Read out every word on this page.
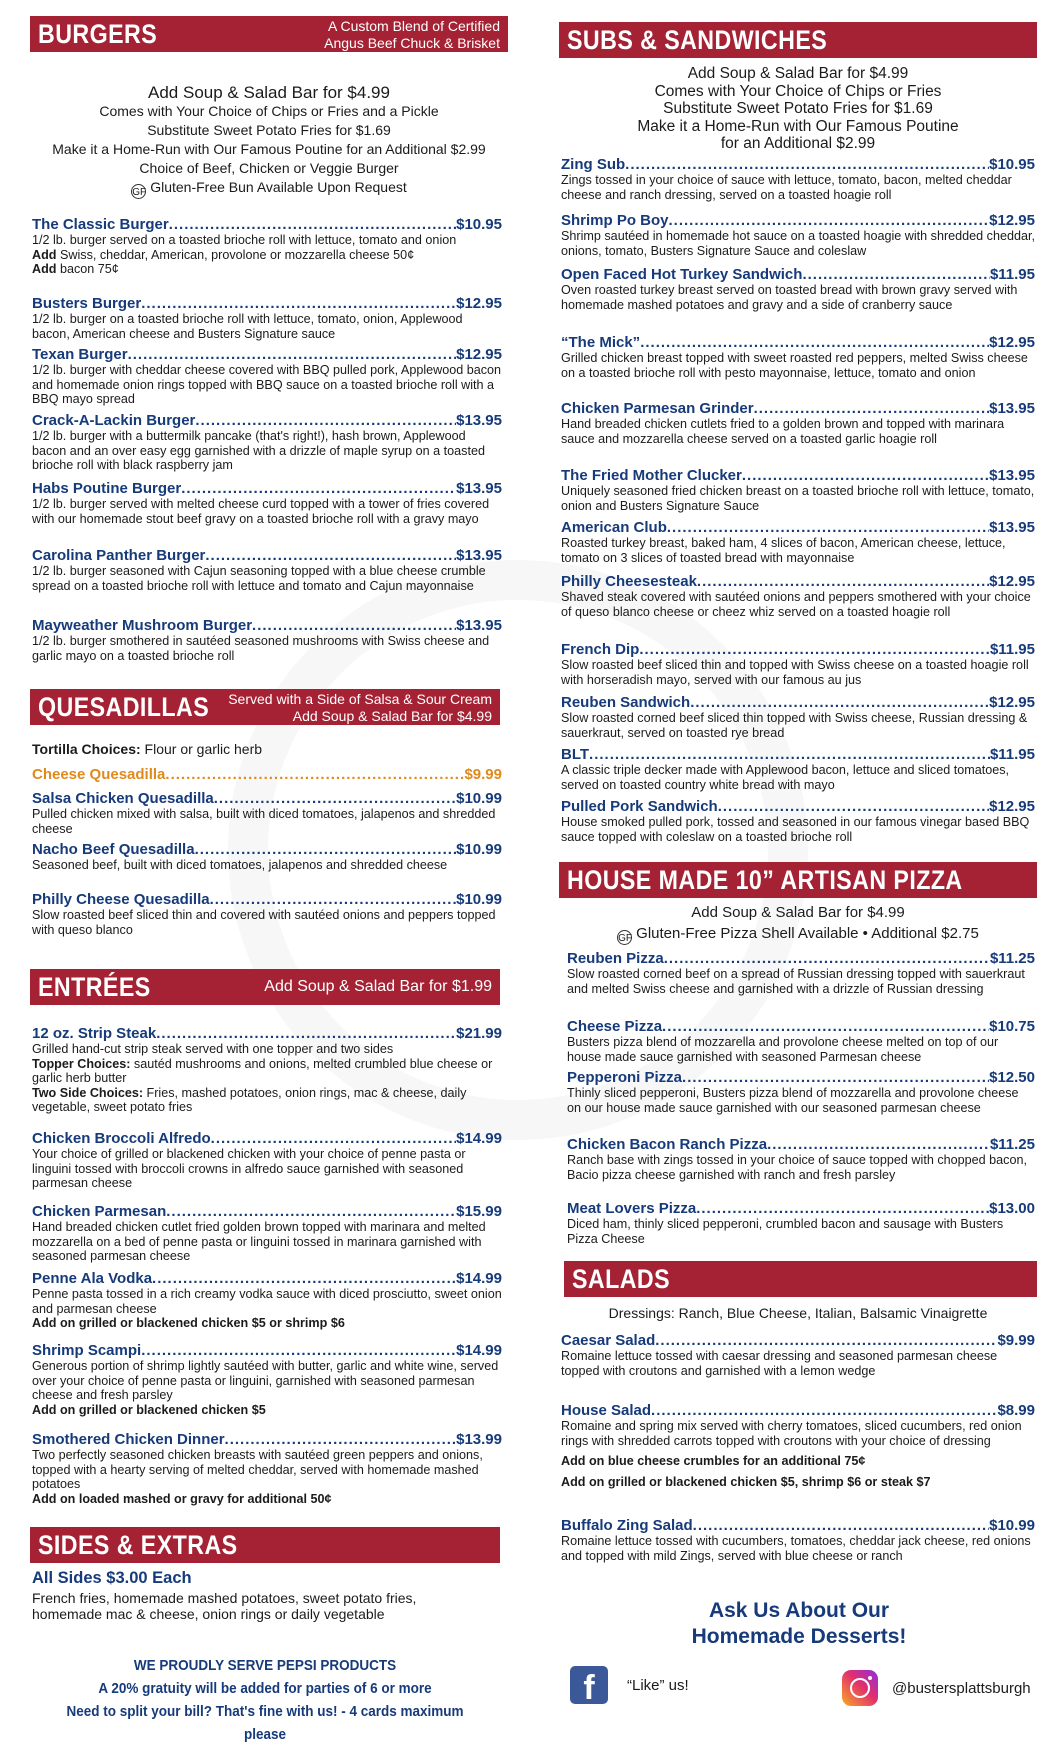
BURGERS	A Custom Blend of Certified
Angus Beef Chuck & Brisket
Add Soup & Salad Bar for $4.99
Comes with Your Choice of Chips or Fries and a Pickle
Substitute Sweet Potato Fries for $1.69
Make it a Home-Run with Our Famous Poutine for an Additional $2.99
Choice of Beef, Chicken or Veggie Burger
GF Gluten-Free Bun Available Upon Request
The Classic Burger .....	$10.95
1/2 lb. burger served on a toasted brioche roll with lettuce, tomato and onion
Add Swiss, cheddar, American, provolone or mozzarella cheese 50¢
Add bacon 75¢
Busters Burger .....	$12.95
1/2 lb. burger on a toasted brioche roll with lettuce, tomato, onion, Applewood bacon, American cheese and Busters Signature sauce
Texan Burger .....	$12.95
1/2 lb. burger with cheddar cheese covered with BBQ pulled pork, Applewood bacon and homemade onion rings topped with BBQ sauce on a toasted brioche roll with a BBQ mayo spread
Crack-A-Lackin Burger .....	$13.95
1/2 lb. burger with a buttermilk pancake (that's right!), hash brown, Applewood bacon and an over easy egg garnished with a drizzle of maple syrup on a toasted brioche roll with black raspberry jam
Habs Poutine Burger .....	$13.95
1/2 lb. burger served with melted cheese curd topped with a tower of fries covered with our homemade stout beef gravy on a toasted brioche roll with a gravy mayo
Carolina Panther Burger .....	$13.95
1/2 lb. burger seasoned with Cajun seasoning topped with a blue cheese crumble spread on a toasted brioche roll with lettuce and tomato and Cajun mayonnaise
Mayweather Mushroom Burger .....	$13.95
1/2 lb. burger smothered in sautéed seasoned mushrooms with Swiss cheese and garlic mayo on a toasted brioche roll
QUESADILLAS Served with a Side of Salsa & Sour Cream
Add Soup & Salad Bar for $4.99
Tortilla Choices: Flour or garlic herb
Cheese Quesadilla .....	$9.99
Salsa Chicken Quesadilla .....	$10.99
Pulled chicken mixed with salsa, built with diced tomatoes, jalapenos and shredded cheese
Nacho Beef Quesadilla .....	$10.99
Seasoned beef, built with diced tomatoes, jalapenos and shredded cheese
Philly Cheese Quesadilla .....	$10.99
Slow roasted beef sliced thin and covered with sautéed onions and peppers topped with queso blanco
ENTRÉES	Add Soup & Salad Bar for $1.99
12 oz. Strip Steak .....	$21.99
Grilled hand-cut strip steak served with one topper and two sides
Topper Choices: sautéd mushrooms and onions, melted crumbled blue cheese or garlic herb butter
Two Side Choices: Fries, mashed potatoes, onion rings, mac & cheese, daily vegetable, sweet potato fries
Chicken Broccoli Alfredo .....	$14.99
Your choice of grilled or blackened chicken with your choice of penne pasta or linguini tossed with broccoli crowns in alfredo sauce garnished with seasoned parmesan cheese
Chicken Parmesan .....	$15.99
Hand breaded chicken cutlet fried golden brown topped with marinara and melted mozzarella on a bed of penne pasta or linguini tossed in marinara garnished with seasoned parmesan cheese
Penne Ala Vodka .....	$14.99
Penne pasta tossed in a rich creamy vodka sauce with diced prosciutto, sweet onion and parmesan cheese
Add on grilled or blackened chicken $5 or shrimp $6
Shrimp Scampi .....	$14.99
Generous portion of shrimp lightly sautéed with butter, garlic and white wine, served over your choice of penne pasta or linguini, garnished with seasoned parmesan cheese and fresh parsley
Add on grilled or blackened chicken $5
Smothered Chicken Dinner .....	$13.99
Two perfectly seasoned chicken breasts with sautéed green peppers and onions, topped with a hearty serving of melted cheddar, served with homemade mashed potatoes
Add on loaded mashed or gravy for additional 50¢
SIDES & EXTRAS
All Sides $3.00 Each
French fries, homemade mashed potatoes, sweet potato fries, homemade mac & cheese, onion rings or daily vegetable
WE PROUDLY SERVE PEPSI PRODUCTS
A 20% gratuity will be added for parties of 6 or more
Need to split your bill? That's fine with us! - 4 cards maximum please
SUBS & SANDWICHES
Add Soup & Salad Bar for $4.99
Comes with Your Choice of Chips or Fries
Substitute Sweet Potato Fries for $1.69
Make it a Home-Run with Our Famous Poutine
for an Additional $2.99
Zing Sub .....	$10.95
Zings tossed in your choice of sauce with lettuce, tomato, bacon, melted cheddar cheese and ranch dressing, served on a toasted hoagie roll
Shrimp Po Boy .....	$12.95
Shrimp sautéed in homemade hot sauce on a toasted hoagie with shredded cheddar, onions, tomato, Busters Signature Sauce and coleslaw
Open Faced Hot Turkey Sandwich .....	$11.95
Oven roasted turkey breast served on toasted bread with brown gravy served with homemade mashed potatoes and gravy and a side of cranberry sauce
“The Mick” .....	$12.95
Grilled chicken breast topped with sweet roasted red peppers, melted Swiss cheese on a toasted brioche roll with pesto mayonnaise, lettuce, tomato and onion
Chicken Parmesan Grinder .....	$13.95
Hand breaded chicken cutlets fried to a golden brown and topped with marinara sauce and mozzarella cheese served on a toasted garlic hoagie roll
The Fried Mother Clucker .....	$13.95
Uniquely seasoned fried chicken breast on a toasted brioche roll with lettuce, tomato, onion and Busters Signature Sauce
American Club .....	$13.95
Roasted turkey breast, baked ham, 4 slices of bacon, American cheese, lettuce, tomato on 3 slices of toasted bread with mayonnaise
Philly Cheesesteak .....	$12.95
Shaved steak covered with sautéed onions and peppers smothered with your choice of queso blanco cheese or cheez whiz served on a toasted hoagie roll
French Dip .....	$11.95
Slow roasted beef sliced thin and topped with Swiss cheese on a toasted hoagie roll with horseradish mayo, served with our famous au jus
Reuben Sandwich .....	$12.95
Slow roasted corned beef sliced thin topped with Swiss cheese, Russian dressing & sauerkraut, served on toasted rye bread
BLT .....	$11.95
A classic triple decker made with Applewood bacon, lettuce and sliced tomatoes, served on toasted country white bread with mayo
Pulled Pork Sandwich .....	$12.95
House smoked pulled pork, tossed and seasoned in our famous vinegar based BBQ sauce topped with coleslaw on a toasted brioche roll
HOUSE MADE 10” ARTISAN PIZZA
Add Soup & Salad Bar for $4.99
GF Gluten-Free Pizza Shell Available • Additional $2.75
Reuben Pizza .....	$11.25
Slow roasted corned beef on a spread of Russian dressing topped with sauerkraut and melted Swiss cheese and garnished with a drizzle of Russian dressing
Cheese Pizza .....	$10.75
Busters pizza blend of mozzarella and provolone cheese melted on top of our house made sauce garnished with seasoned Parmesan cheese
Pepperoni Pizza .....	$12.50
Thinly sliced pepperoni, Busters pizza blend of mozzarella and provolone cheese on our house made sauce garnished with our seasoned parmesan cheese
Chicken Bacon Ranch Pizza .....	$11.25
Ranch base with zings tossed in your choice of sauce topped with chopped bacon, Bacio pizza cheese garnished with ranch and fresh parsley
Meat Lovers Pizza .....	$13.00
Diced ham, thinly sliced pepperoni, crumbled bacon and sausage with Busters Pizza Cheese
SALADS
Dressings: Ranch, Blue Cheese, Italian, Balsamic Vinaigrette
Caesar Salad .....	$9.99
Romaine lettuce tossed with caesar dressing and seasoned parmesan cheese topped with croutons and garnished with a lemon wedge
House Salad .....	$8.99
Romaine and spring mix served with cherry tomatoes, sliced cucumbers, red onion rings with shredded carrots topped with croutons with your choice of dressing
Add on blue cheese crumbles for an additional 75¢
Add on grilled or blackened chicken $5, shrimp $6 or steak $7
Buffalo Zing Salad .....	$10.99
Romaine lettuce tossed with cucumbers, tomatoes, cheddar jack cheese, red onions and topped with mild Zings, served with blue cheese or ranch
Ask Us About Our
Homemade Desserts!
f	“Like” us!	@bustersplattsburgh
